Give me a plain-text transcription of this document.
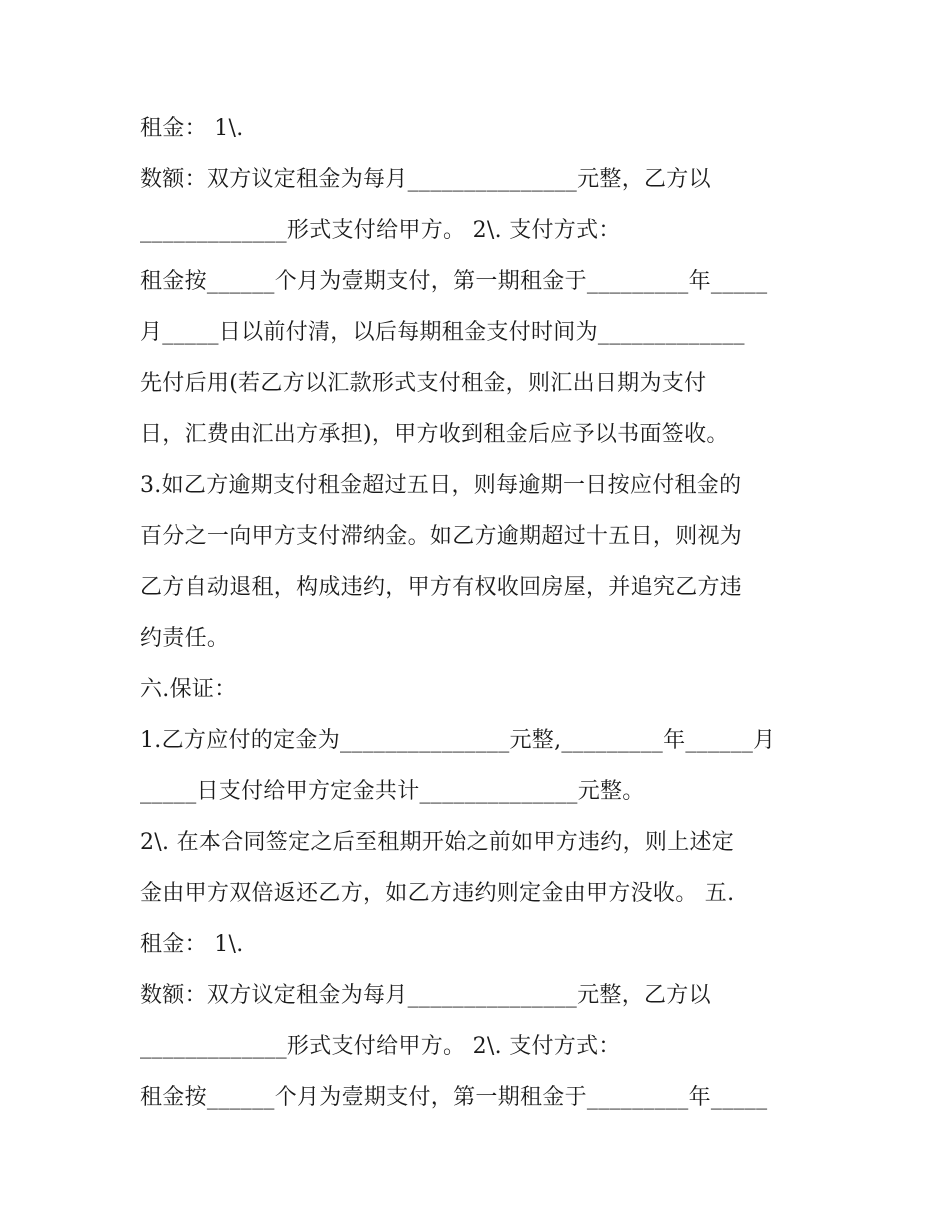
租金： 1\.
数额：双方议定租金为每月_______________元整，乙方以
_____________形式支付给甲方。 2\. 支付方式：
租金按______个月为壹期支付，第一期租金于_________年_____
月_____日以前付清，以后每期租金支付时间为_____________
先付后用(若乙方以汇款形式支付租金，则汇出日期为支付
日，汇费由汇出方承担)，甲方收到租金后应予以书面签收。
3.如乙方逾期支付租金超过五日，则每逾期一日按应付租金的
百分之一向甲方支付滞纳金。如乙方逾期超过十五日，则视为
乙方自动退租，构成违约，甲方有权收回房屋，并追究乙方违
约责任。
六.保证：
1.乙方应付的定金为_______________元整,_________年______月
_____日支付给甲方定金共计______________元整。
2\. 在本合同签定之后至租期开始之前如甲方违约，则上述定
金由甲方双倍返还乙方，如乙方违约则定金由甲方没收。 五.
租金： 1\.
数额：双方议定租金为每月_______________元整，乙方以
_____________形式支付给甲方。 2\. 支付方式：
租金按______个月为壹期支付，第一期租金于_________年_____
